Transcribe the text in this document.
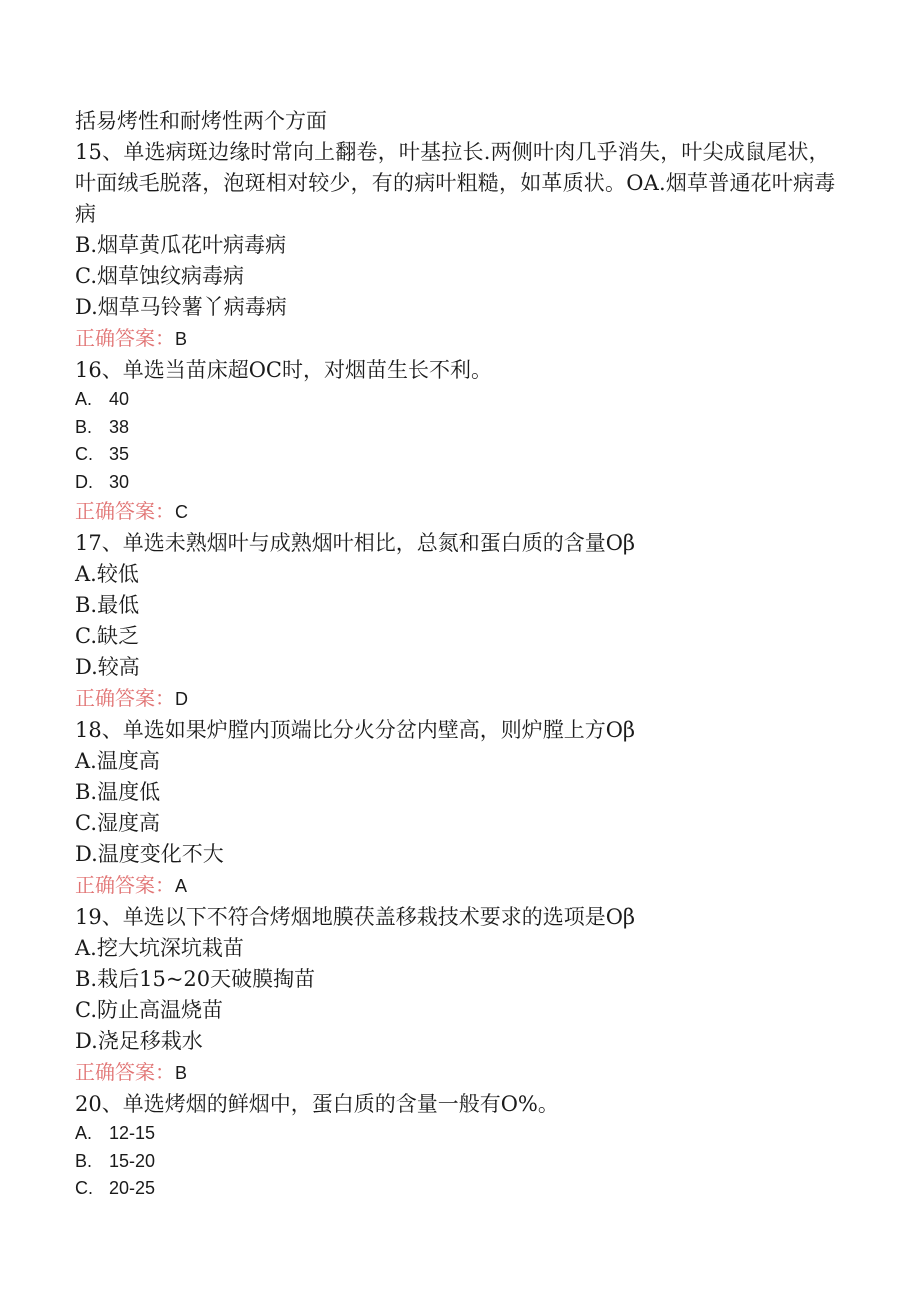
括易烤性和耐烤性两个方面
15、单选病斑边缘时常向上翻卷，叶基拉长.两侧叶肉几乎消失，叶尖成鼠尾状，叶面绒毛脱落，泡斑相对较少，有的病叶粗糙，如革质状。OA.烟草普通花叶病毒病
B.烟草黄瓜花叶病毒病
C.烟草蚀纹病毒病
D.烟草马铃薯丫病毒病
正确答案：B
16、单选当苗床超OC时，对烟苗生长不利。
A. 40
B. 38
C. 35
D. 30
正确答案：C
17、单选未熟烟叶与成熟烟叶相比，总氮和蛋白质的含量Oβ
A.较低
B.最低
C.缺乏
D.较高
正确答案：D
18、单选如果炉膛内顶端比分火分岔内壁高，则炉膛上方Oβ
A.温度高
B.温度低
C.湿度高
D.温度变化不大
正确答案：A
19、单选以下不符合烤烟地膜茯盖移栽技术要求的选项是Oβ
A.挖大坑深坑栽苗
B.栽后15~20天破膜掏苗
C.防止高温烧苗
D.浇足移栽水
正确答案：B
20、单选烤烟的鲜烟中，蛋白质的含量一般有O%。
A. 12-15
B. 15-20
C. 20-25
